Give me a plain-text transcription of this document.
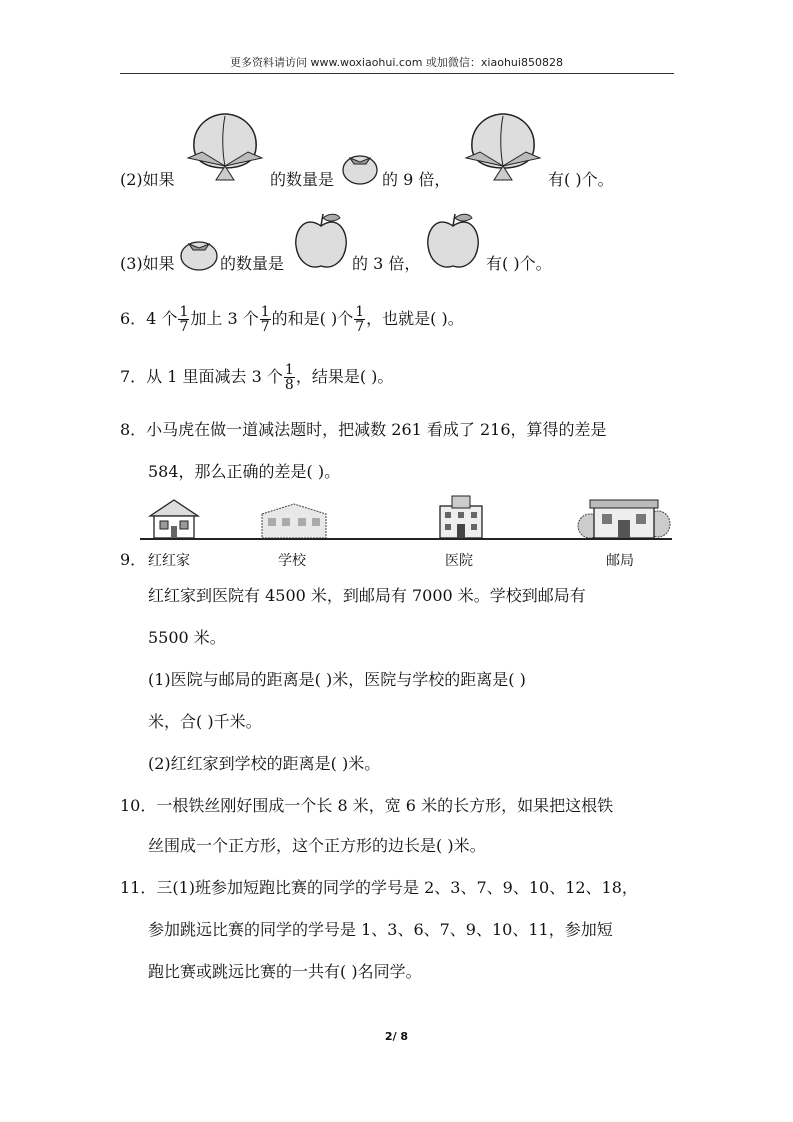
更多资料请访问 www.woxiaohui.com 或加微信：xiaohui850828
(2)如果	的数量是	的 9 倍，	有( )个。
(3)如果	的数量是	的 3 倍，	有( )个。
6．4 个 $\frac{1}{7}$ 加上 3 个 $\frac{1}{7}$ 的和是( )个 $\frac{1}{7}$ ，也就是( )。
7．从 1 里面减去 3 个 $\frac{1}{8}$ ，结果是( )。
8．小马虎在做一道减法题时，把减数 261 看成了 216，算得的差是
584，那么正确的差是( )。
9． 红红家	学校	医院	邮局
红红家到医院有 4500 米，到邮局有 7000 米。学校到邮局有
5500 米。
(1)医院与邮局的距离是( )米，医院与学校的距离是( )
米，合( )千米。
(2)红红家到学校的距离是( )米。
10．一根铁丝刚好围成一个长 8 米，宽 6 米的长方形，如果把这根铁
丝围成一个正方形，这个正方形的边长是( )米。
11．三(1)班参加短跑比赛的同学的学号是 2、3、7、9、10、12、18，
参加跳远比赛的同学的学号是 1、3、6、7、9、10、11，参加短
跑比赛或跳远比赛的一共有( )名同学。
2/ 8
